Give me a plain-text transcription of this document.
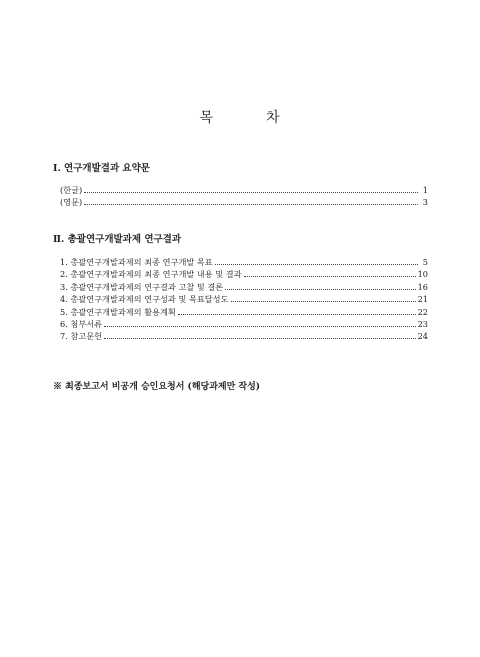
목	차
Ⅰ. 연구개발결과 요약문
(한글)	1
(영문)	3
Ⅱ. 총괄연구개발과제 연구결과
1. 총괄연구개발과제의 최종 연구개발 목표	5
2. 총괄연구개발과제의 최종 연구개발 내용 및 결과	10
3. 총괄연구개발과제의 연구결과 고찰 및 결론	16
4. 총괄연구개발과제의 연구성과 및 목표달성도	21
5. 총괄연구개발과제의 활용계획	22
6. 첨부서류	23
7. 참고문헌	24
※ 최종보고서 비공개 승인요청서 (해당과제만 작성)
